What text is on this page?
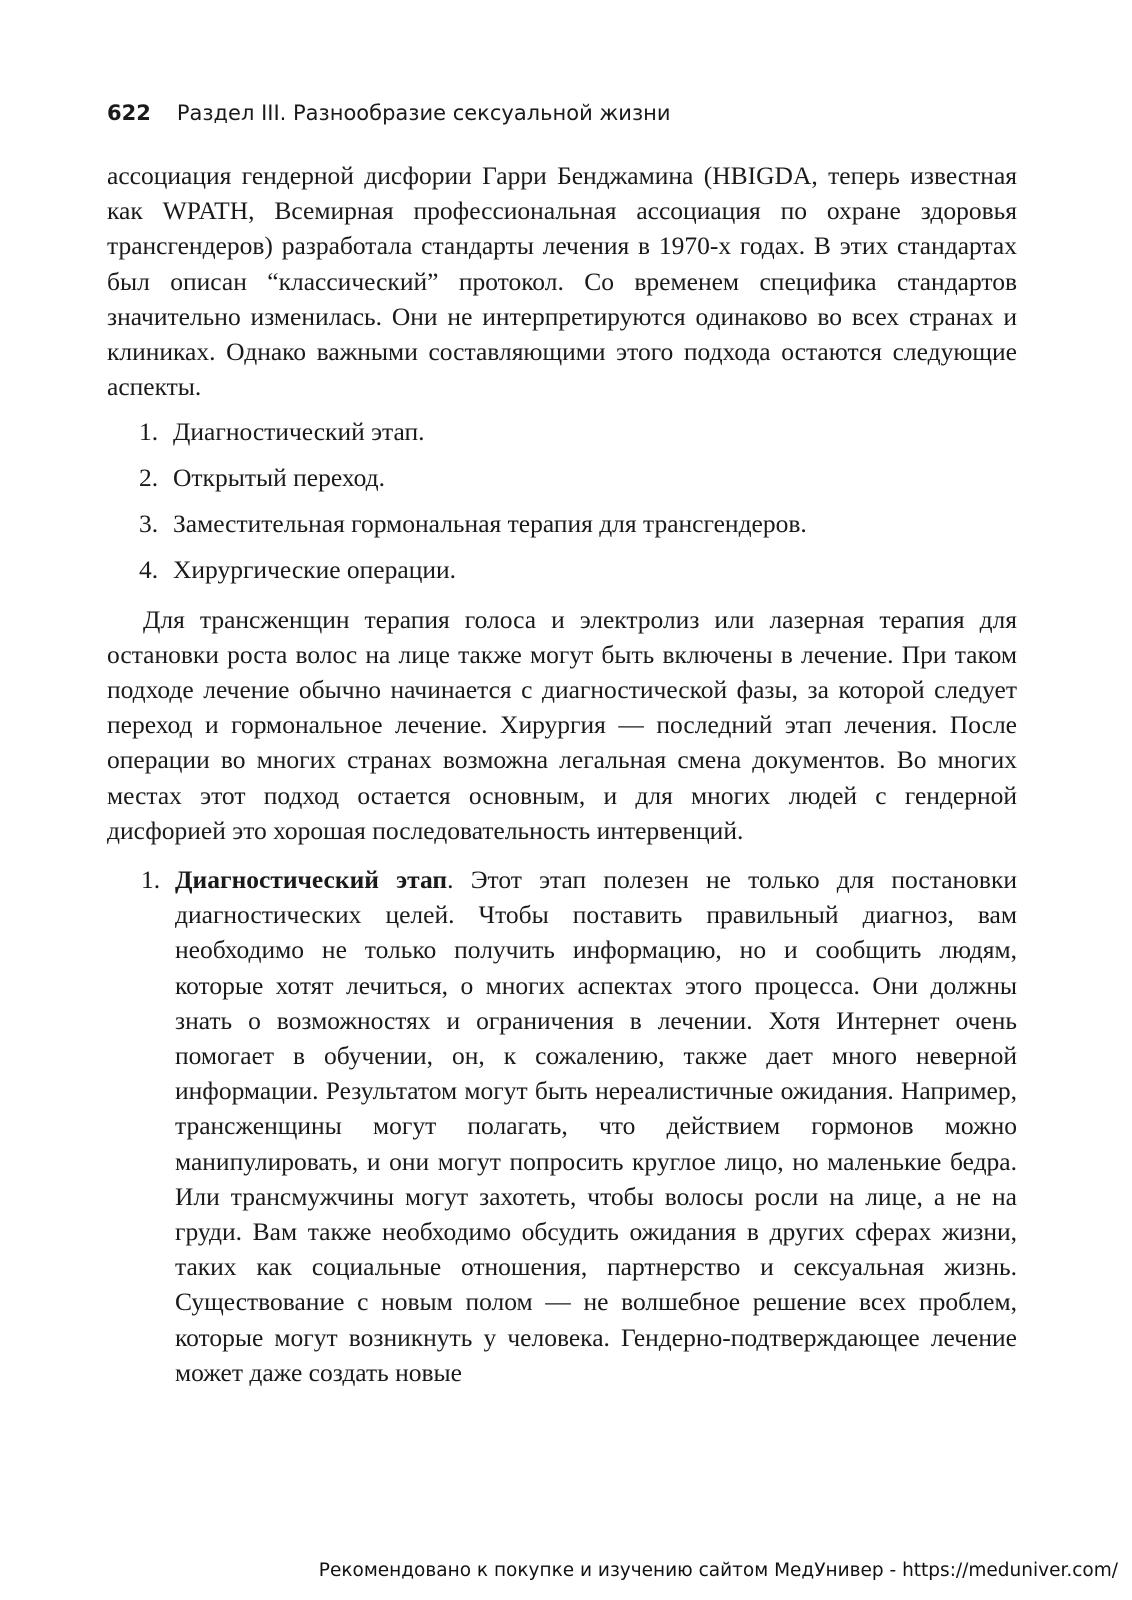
622 Раздел III. Разнообразие сексуальной жизни

ассоциация гендерной дисфории Гарри Бенджамина (HBIGDA, теперь известная как WPATH, Всемирная профессиональная ассоциация по охране здоровья трансгендеров) разработала стандарты лечения в 1970-х годах. В этих стандартах был описан “классический” протокол. Со временем специфика стандартов значительно изменилась. Они не интерпретируются одинаково во всех странах и клиниках. Однако важными составляющими этого подхода остаются следующие аспекты.

1. Диагностический этап.
2. Открытый переход.
3. Заместительная гормональная терапия для трансгендеров.
4. Хирургические операции.

Для трансженщин терапия голоса и электролиз или лазерная терапия для остановки роста волос на лице также могут быть включены в лечение. При таком подходе лечение обычно начинается с диагностической фазы, за которой следует переход и гормональное лечение. Хирургия — последний этап лечения. После операции во многих странах возможна легальная смена документов. Во многих местах этот подход остается основным, и для многих людей с гендерной дисфорией это хорошая последовательность интервенций.

1. Диагностический этап. Этот этап полезен не только для постановки диагностических целей. Чтобы поставить правильный диагноз, вам необходимо не только получить информацию, но и сообщить людям, которые хотят лечиться, о многих аспектах этого процесса. Они должны знать о возможностях и ограничения в лечении. Хотя Интернет очень помогает в обучении, он, к сожалению, также дает много неверной информации. Результатом могут быть нереалистичные ожидания. Например, трансженщины могут полагать, что действием гормонов можно манипулировать, и они могут попросить круглое лицо, но маленькие бедра. Или трансмужчины могут захотеть, чтобы волосы росли на лице, а не на груди. Вам также необходимо обсудить ожидания в других сферах жизни, таких как социальные отношения, партнерство и сексуальная жизнь. Существование с новым полом — не волшебное решение всех проблем, которые могут возникнуть у человека. Гендерно-подтверждающее лечение может даже создать новые
Рекомендовано к покупке и изучению сайтом МедУнивер - https://meduniver.com/
